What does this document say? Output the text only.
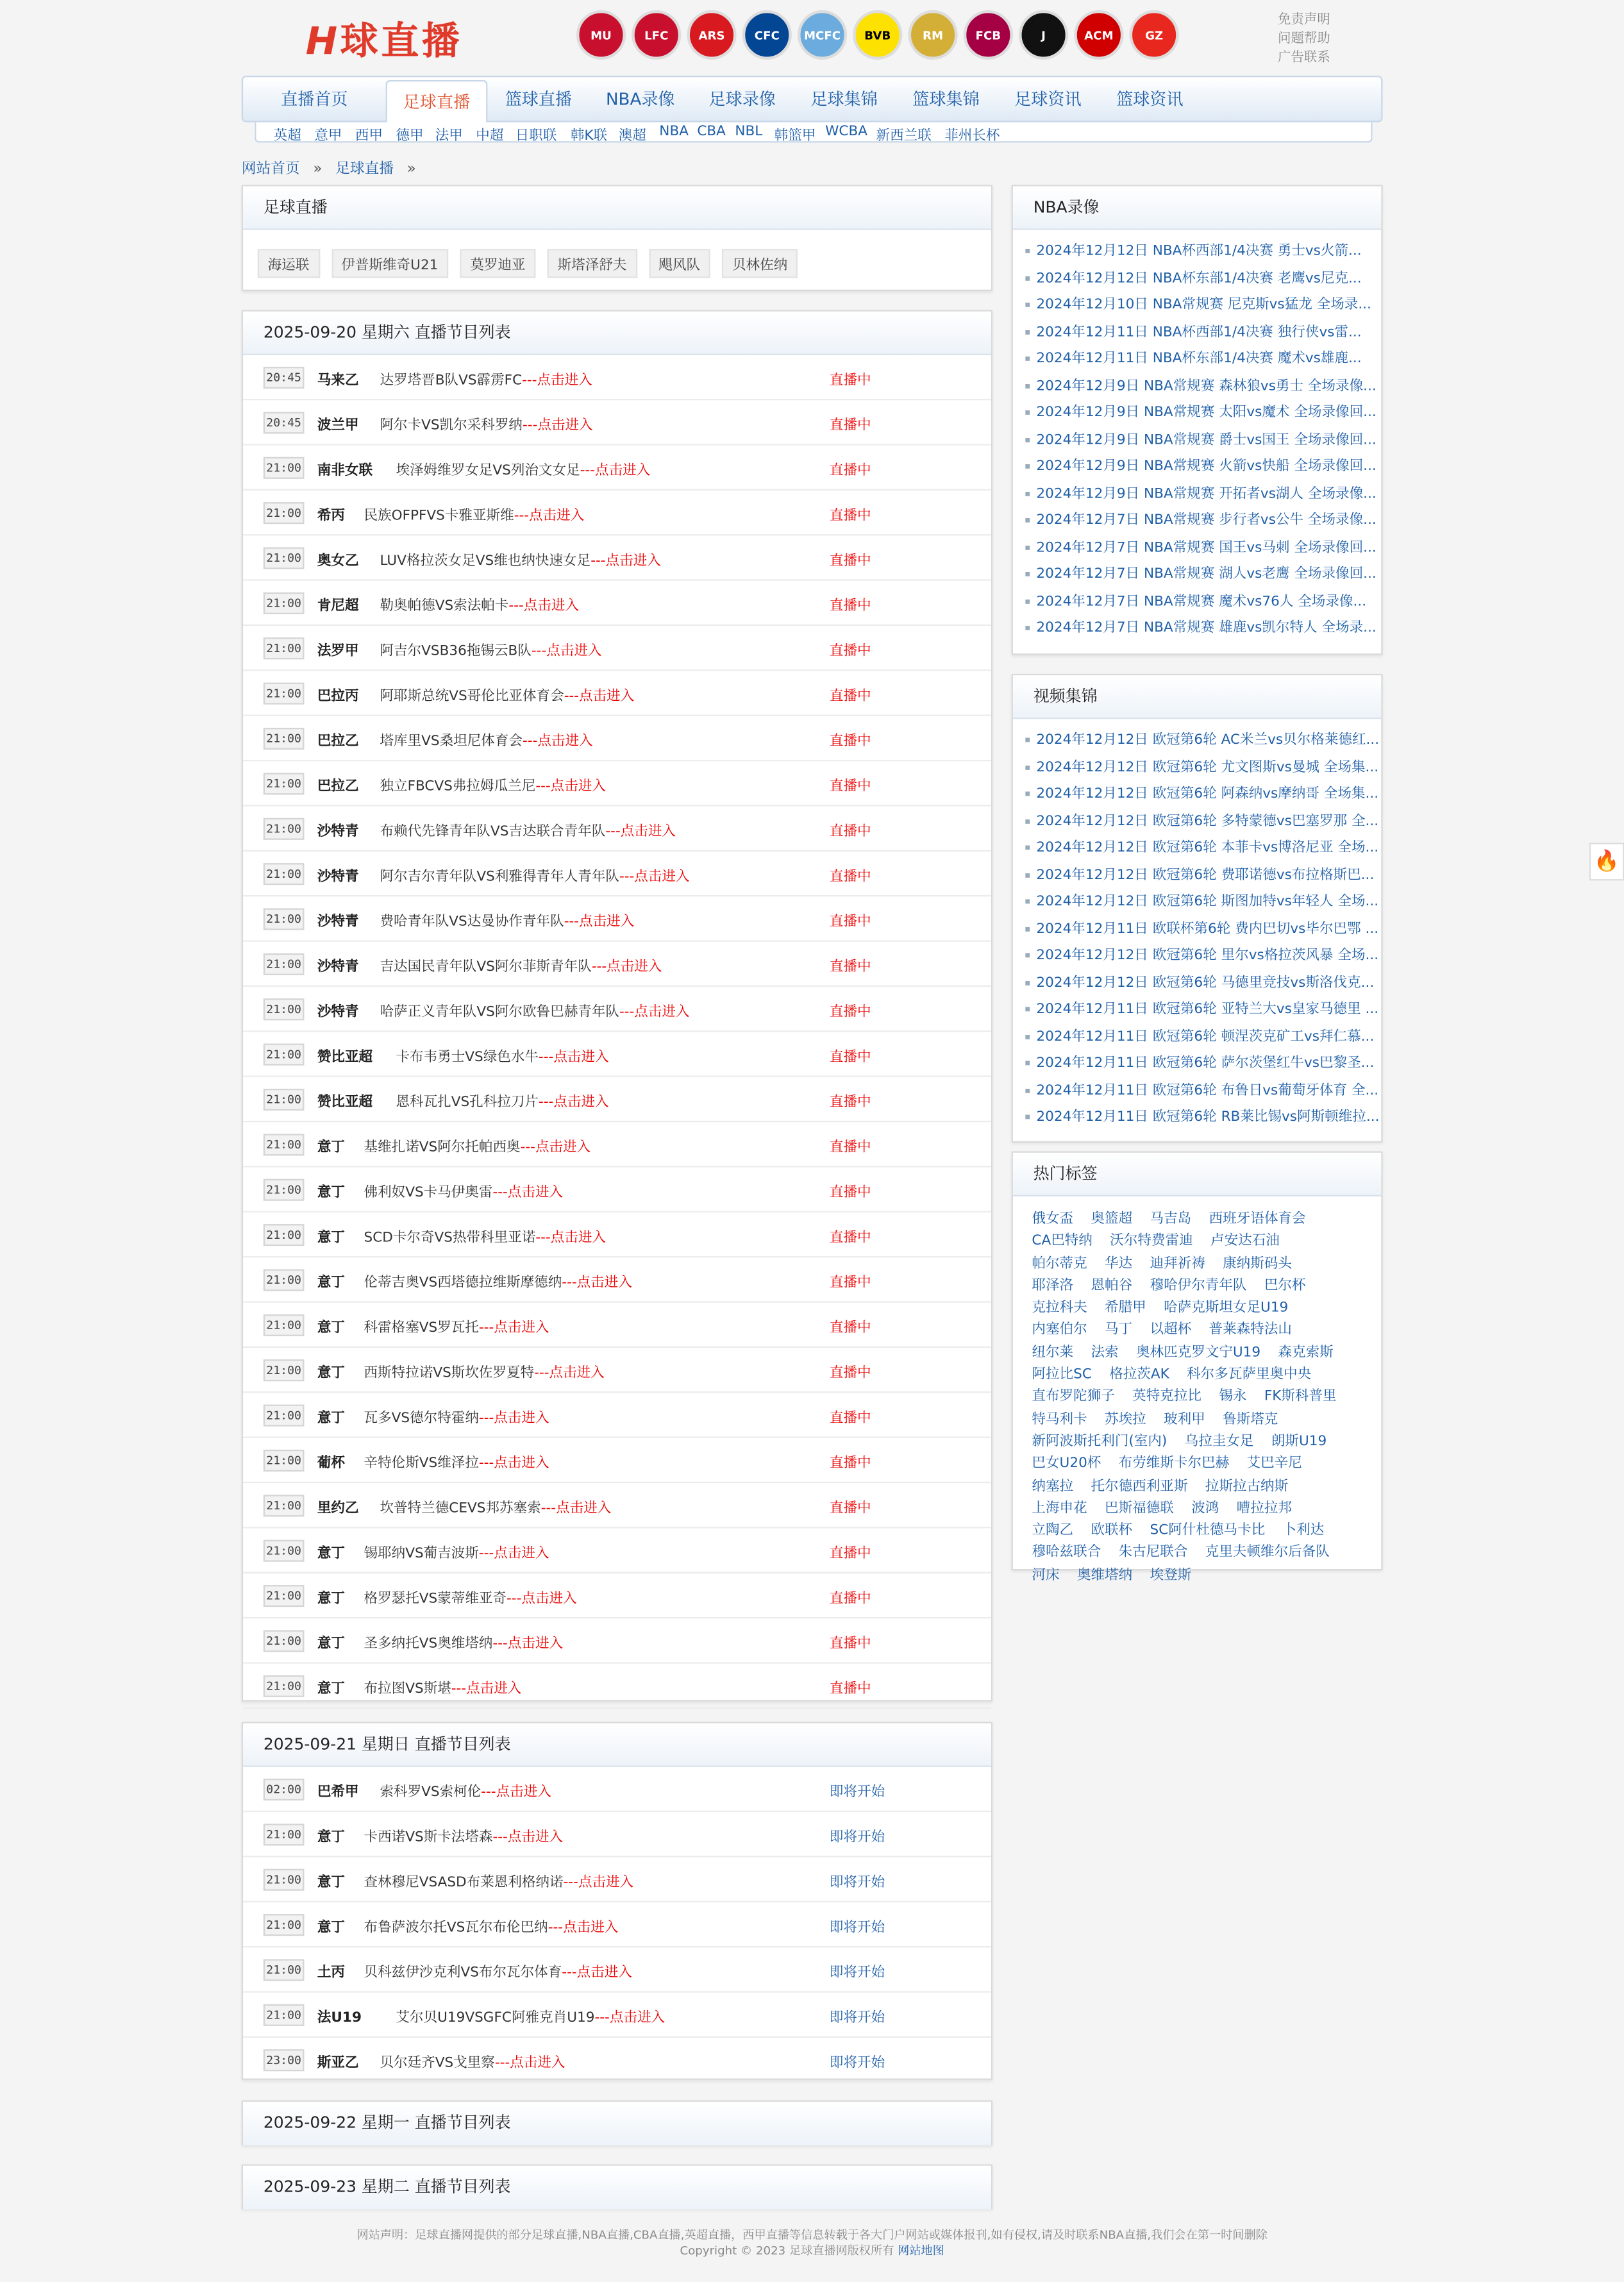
H球直播	MU	LFC	ARS	CFC	MCFC	BVB	RM	FCB	J	ACM	GZ
免责声明
问题帮助
广告联系
直播首页	足球直播	篮球直播	NBA录像	足球录像	足球集锦	篮球集锦	足球资讯	篮球资讯
英超 意甲 西甲 德甲 法甲 中超 日职联 韩K联 澳超 NBA CBA NBL 韩篮甲 WCBA 新西兰联 菲州长杯
网站首页 » 足球直播 »
足球直播
海运联	伊普斯维奇U21	莫罗迪亚	斯塔泽舒夫	飓风队	贝林佐纳
2025-09-20 星期六 直播节目列表
20:45	马来乙	达罗塔晋B队VS霹雳FC---点击进入	直播中
20:45	波兰甲	阿尔卡VS凯尔采科罗纳---点击进入	直播中
21:00	南非女联	埃泽姆维罗女足VS列治文女足---点击进入	直播中
21:00	希丙	民族OFPFVS卡雅亚斯维---点击进入	直播中
21:00	奥女乙	LUV格拉茨女足VS维也纳快速女足---点击进入	直播中
21:00	肯尼超	勒奥帕德VS索法帕卡---点击进入	直播中
21:00	法罗甲	阿吉尔VSB36拖锡云B队---点击进入	直播中
21:00	巴拉丙	阿耶斯总统VS哥伦比亚体育会---点击进入	直播中
21:00	巴拉乙	塔库里VS桑坦尼体育会---点击进入	直播中
21:00	巴拉乙	独立FBCVS弗拉姆瓜兰尼---点击进入	直播中
21:00	沙特青	布赖代先锋青年队VS吉达联合青年队---点击进入	直播中
21:00	沙特青	阿尔吉尔青年队VS利雅得青年人青年队---点击进入	直播中
21:00	沙特青	费哈青年队VS达曼协作青年队---点击进入	直播中
21:00	沙特青	吉达国民青年队VS阿尔菲斯青年队---点击进入	直播中
21:00	沙特青	哈萨正义青年队VS阿尔欧鲁巴赫青年队---点击进入	直播中
21:00	赞比亚超	卡布韦勇士VS绿色水牛---点击进入	直播中
21:00	赞比亚超	恩科瓦扎VS孔科拉刀片---点击进入	直播中
21:00	意丁	基维扎诺VS阿尔托帕西奥---点击进入	直播中
21:00	意丁	佛利奴VS卡马伊奥雷---点击进入	直播中
21:00	意丁	SCD卡尔奇VS热带科里亚诺---点击进入	直播中
21:00	意丁	伦蒂吉奥VS西塔德拉维斯摩德纳---点击进入	直播中
21:00	意丁	科雷格塞VS罗瓦托---点击进入	直播中
21:00	意丁	西斯特拉诺VS斯坎佐罗夏特---点击进入	直播中
21:00	意丁	瓦多VS德尔特霍纳---点击进入	直播中
21:00	葡杯	辛特伦斯VS维泽拉---点击进入	直播中
21:00	里约乙	坎普特兰德CEVS邦苏塞索---点击进入	直播中
21:00	意丁	锡耶纳VS葡吉波斯---点击进入	直播中
21:00	意丁	格罗瑟托VS蒙蒂维亚奇---点击进入	直播中
21:00	意丁	圣多纳托VS奥维塔纳---点击进入	直播中
21:00	意丁	布拉图VS斯堪---点击进入	直播中
2025-09-21 星期日 直播节目列表
02:00	巴希甲	索科罗VS索柯伦---点击进入	即将开始
21:00	意丁	卡西诺VS斯卡法塔森---点击进入	即将开始
21:00	意丁	查林穆尼VSASD布莱恩利格纳诺---点击进入	即将开始
21:00	意丁	布鲁萨波尔托VS瓦尔布伦巴纳---点击进入	即将开始
21:00	土丙	贝科兹伊沙克利VS布尔瓦尔体育---点击进入	即将开始
21:00	法U19	艾尔贝U19VSGFC阿雅克肖U19---点击进入	即将开始
23:00	斯亚乙	贝尔廷齐VS戈里察---点击进入	即将开始
2025-09-22 星期一 直播节目列表
2025-09-23 星期二 直播节目列表
NBA录像
▪ 2024年12月12日 NBA杯西部1/4决赛 勇士vs火箭...
▪ 2024年12月12日 NBA杯东部1/4决赛 老鹰vs尼克...
▪ 2024年12月10日 NBA常规赛 尼克斯vs猛龙 全场录...
▪ 2024年12月11日 NBA杯西部1/4决赛 独行侠vs雷...
▪ 2024年12月11日 NBA杯东部1/4决赛 魔术vs雄鹿...
▪ 2024年12月9日 NBA常规赛 森林狼vs勇士 全场录像...
▪ 2024年12月9日 NBA常规赛 太阳vs魔术 全场录像回...
▪ 2024年12月9日 NBA常规赛 爵士vs国王 全场录像回...
▪ 2024年12月9日 NBA常规赛 火箭vs快船 全场录像回...
▪ 2024年12月9日 NBA常规赛 开拓者vs湖人 全场录像...
▪ 2024年12月7日 NBA常规赛 步行者vs公牛 全场录像...
▪ 2024年12月7日 NBA常规赛 国王vs马刺 全场录像回...
▪ 2024年12月7日 NBA常规赛 湖人vs老鹰 全场录像回...
▪ 2024年12月7日 NBA常规赛 魔术vs76人 全场录像...
▪ 2024年12月7日 NBA常规赛 雄鹿vs凯尔特人 全场录...
视频集锦
▪ 2024年12月12日 欧冠第6轮 AC米兰vs贝尔格莱德红...
▪ 2024年12月12日 欧冠第6轮 尤文图斯vs曼城 全场集...
▪ 2024年12月12日 欧冠第6轮 阿森纳vs摩纳哥 全场集...
▪ 2024年12月12日 欧冠第6轮 多特蒙德vs巴塞罗那 全...
▪ 2024年12月12日 欧冠第6轮 本菲卡vs博洛尼亚 全场...
▪ 2024年12月12日 欧冠第6轮 费耶诺德vs布拉格斯巴...
▪ 2024年12月12日 欧冠第6轮 斯图加特vs年轻人 全场...
▪ 2024年12月11日 欧联杯第6轮 费内巴切vs毕尔巴鄂 ...
▪ 2024年12月12日 欧冠第6轮 里尔vs格拉茨风暴 全场...
▪ 2024年12月12日 欧冠第6轮 马德里竞技vs斯洛伐克...
▪ 2024年12月11日 欧冠第6轮 亚特兰大vs皇家马德里 ...
▪ 2024年12月11日 欧冠第6轮 顿涅茨克矿工vs拜仁慕...
▪ 2024年12月11日 欧冠第6轮 萨尔茨堡红牛vs巴黎圣...
▪ 2024年12月11日 欧冠第6轮 布鲁日vs葡萄牙体育 全...
▪ 2024年12月11日 欧冠第6轮 RB莱比锡vs阿斯顿维拉...
热门标签
俄女盃	奥篮超	马吉岛	西班牙语体育会 CA巴特纳	沃尔特费雷迪	卢安达石油 帕尔蒂克	华达	迪拜祈祷	康纳斯码头 耶泽洛	恩帕谷	穆哈伊尔青年队	巴尔杯 克拉科夫	希腊甲	哈萨克斯坦女足U19 内塞伯尔	马丁	以超杯	普莱森特法山 纽尔莱	法索	奥林匹克罗文宁U19	森克索斯 阿拉比SC	格拉茨AK	科尔多瓦萨里奥中央 直布罗陀狮子	英特克拉比	锡永	FK斯科普里 特马利卡	苏埃拉	玻利甲	鲁斯塔克 新阿波斯托利门(室内)	乌拉圭女足	朗斯U19 巴女U20杯	布劳维斯卡尔巴赫	艾巴辛尼 纳塞拉	托尔德西利亚斯	拉斯拉古纳斯 上海申花	巴斯福德联	波鸿	嘈拉拉邦 立陶乙	欧联杯	SC阿什杜德马卡比	卜利达 穆哈兹联合	朱古尼联合	克里夫顿维尔后备队 河床	奥维塔纳	埃登斯
网站声明：足球直播网提供的部分足球直播,NBA直播,CBA直播,英超直播，西甲直播等信息转载于各大门户网站或媒体报刊,如有侵权,请及时联系NBA直播,我们会在第一时间删除
Copyright © 2023 足球直播网版权所有 网站地图
🔥
